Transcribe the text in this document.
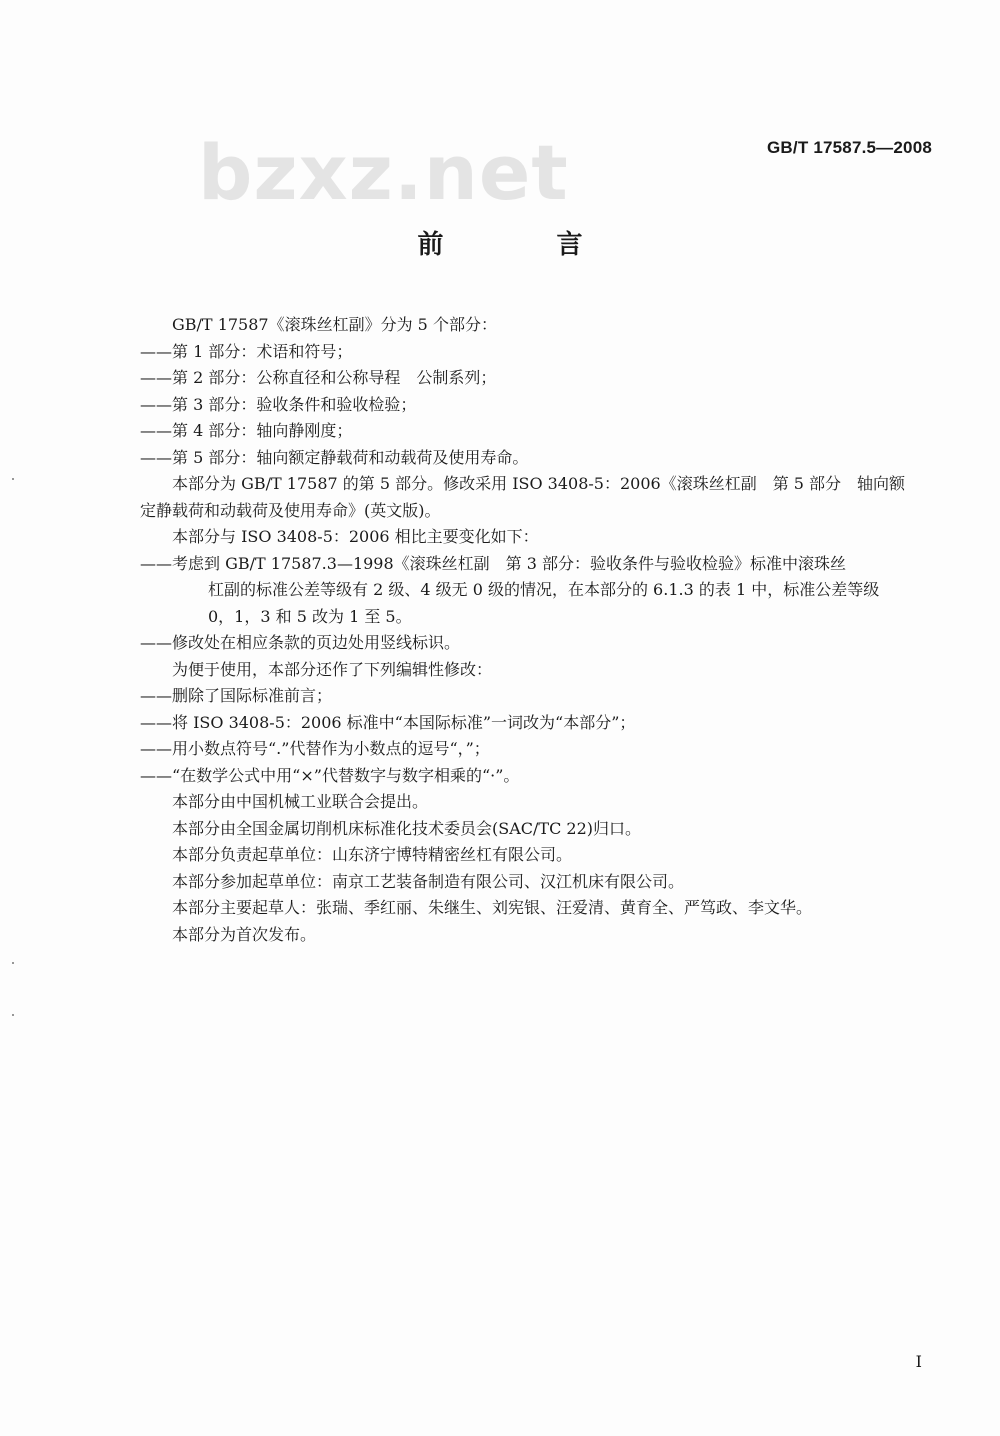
bzxz.net	GB/T 17587.5—2008
前 言

GB/T 17587《滚珠丝杠副》分为 5 个部分：

——第 1 部分：术语和符号；

——第 2 部分：公称直径和公称导程　公制系列；

——第 3 部分：验收条件和验收检验；

——第 4 部分：轴向静刚度；

——第 5 部分：轴向额定静载荷和动载荷及使用寿命。

本部分为 GB/T 17587 的第 5 部分。修改采用 ISO 3408-5：2006《滚珠丝杠副　第 5 部分　轴向额

定静载荷和动载荷及使用寿命》(英文版)。

本部分与 ISO 3408-5：2006 相比主要变化如下：

——考虑到 GB/T 17587.3—1998《滚珠丝杠副　第 3 部分：验收条件与验收检验》标准中滚珠丝

杠副的标准公差等级有 2 级、4 级无 0 级的情况，在本部分的 6.1.3 的表 1 中，标准公差等级

0，1，3 和 5 改为 1 至 5。

——修改处在相应条款的页边处用竖线标识。

为便于使用，本部分还作了下列编辑性修改：

——删除了国际标准前言；

——将 ISO 3408-5：2006 标准中“本国际标准”一词改为“本部分”；

——用小数点符号“.”代替作为小数点的逗号“，”；

——“在数学公式中用“×”代替数字与数字相乘的“·”。

本部分由中国机械工业联合会提出。

本部分由全国金属切削机床标准化技术委员会(SAC/TC 22)归口。

本部分负责起草单位：山东济宁博特精密丝杠有限公司。

本部分参加起草单位：南京工艺装备制造有限公司、汉江机床有限公司。

本部分主要起草人：张瑞、季红丽、朱继生、刘宪银、汪爱清、黄育全、严笃政、李文华。

本部分为首次发布。

I
